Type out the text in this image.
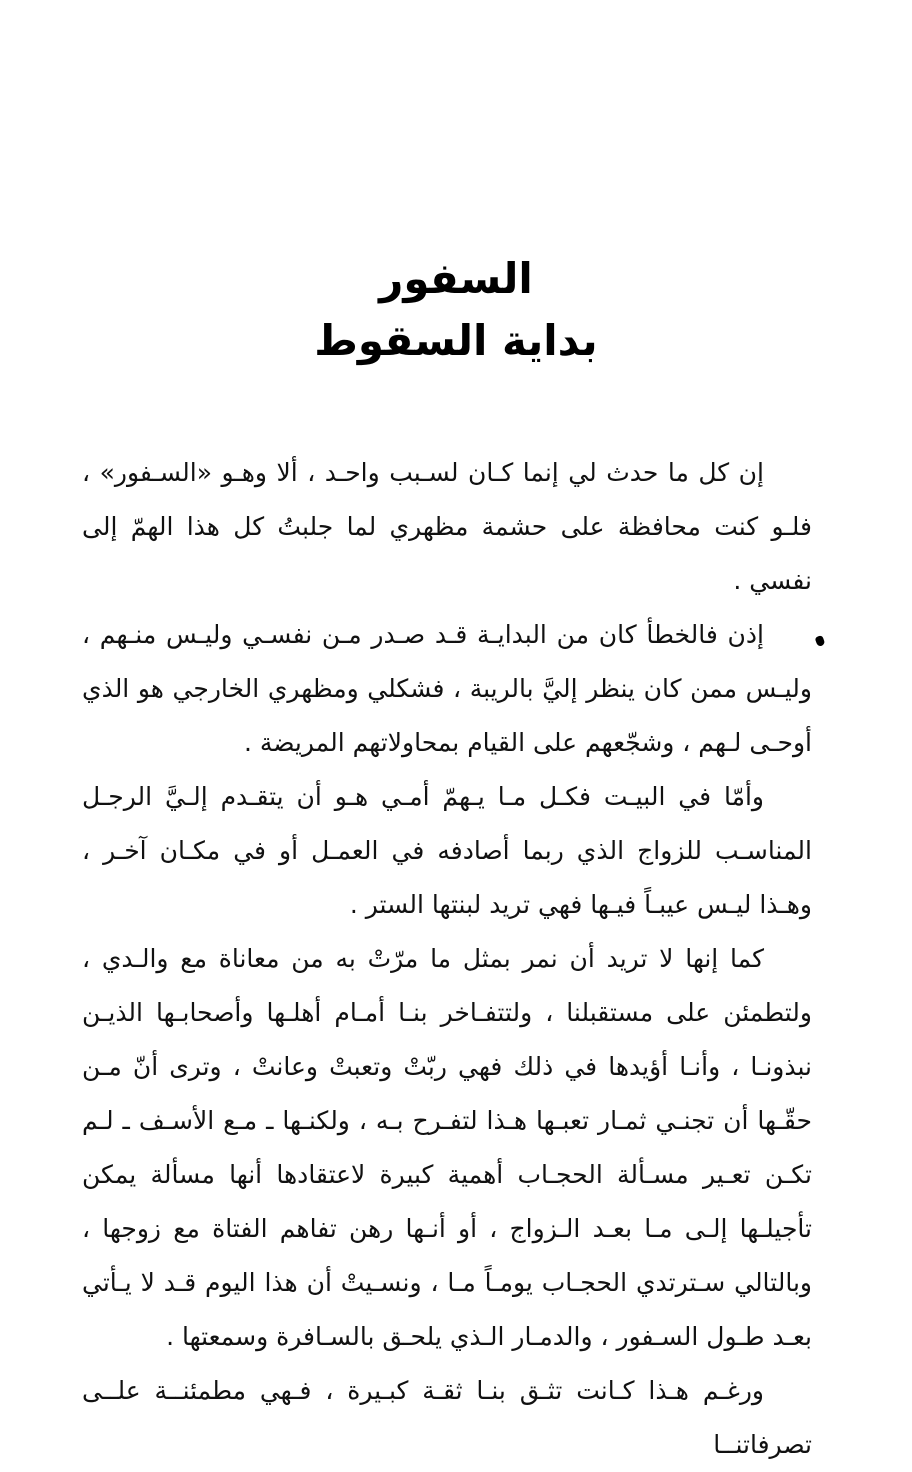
السفور

بداية السقوط

إن كل ما حدث لي إنما كـان لسـبب واحـد ، ألا وهـو «السـفور» ، فلـو كنت محافظة على حشمة مظهري لما جلبتُ كل هذا الهمّ إلى نفسي .

إذن فالخطأ كان من البدايـة قـد صـدر مـن نفسـي وليـس منـهم ، وليـس ممن كان ينظر إليَّ بالريبة ، فشكلي ومظهري الخارجي هو الذي أوحـى لـهم ، وشجّعهم على القيام بمحاولاتهم المريضة .

وأمّا في البيـت فكـل مـا يـهمّ أمـي هـو أن يتقـدم إلـيَّ الرجـل المناسـب للزواج الذي ربما أصادفه في العمـل أو في مكـان آخـر ، وهـذا ليـس عيبـاً فيـها فهي تريد لبنتها الستر .

كما إنها لا تريد أن نمر بمثل ما مرّتْ به من معاناة مع والـدي ، ولتطمئن على مستقبلنا ، ولتتفـاخر بنـا أمـام أهلـها وأصحابـها الذيـن نبذونـا ، وأنـا أؤيدها في ذلك فهي ربّتْ وتعبتْ وعانتْ ، وترى أنّ مـن حقّـها أن تجنـي ثمـار تعبـها هـذا لتفـرح بـه ، ولكنـها ـ مـع الأسـف ـ لـم تكـن تعـير مسـألة الحجـاب أهمية كبيرة لاعتقادها أنها مسألة يمكن تأجيلـها إلـى مـا بعـد الـزواج ، أو أنـها رهن تفاهم الفتاة مع زوجها ، وبالتالي سـترتدي الحجـاب يومـاً مـا ، ونسـيتْ أن هذا اليوم قـد لا يـأتي بعـد طـول السـفور ، والدمـار الـذي يلحـق بالسـافرة وسمعتها .

ورغـم هـذا كـانت تثـق بنـا ثقـة كبـيرة ، فـهي مطمئنــة علــى تصرفاتنــا
